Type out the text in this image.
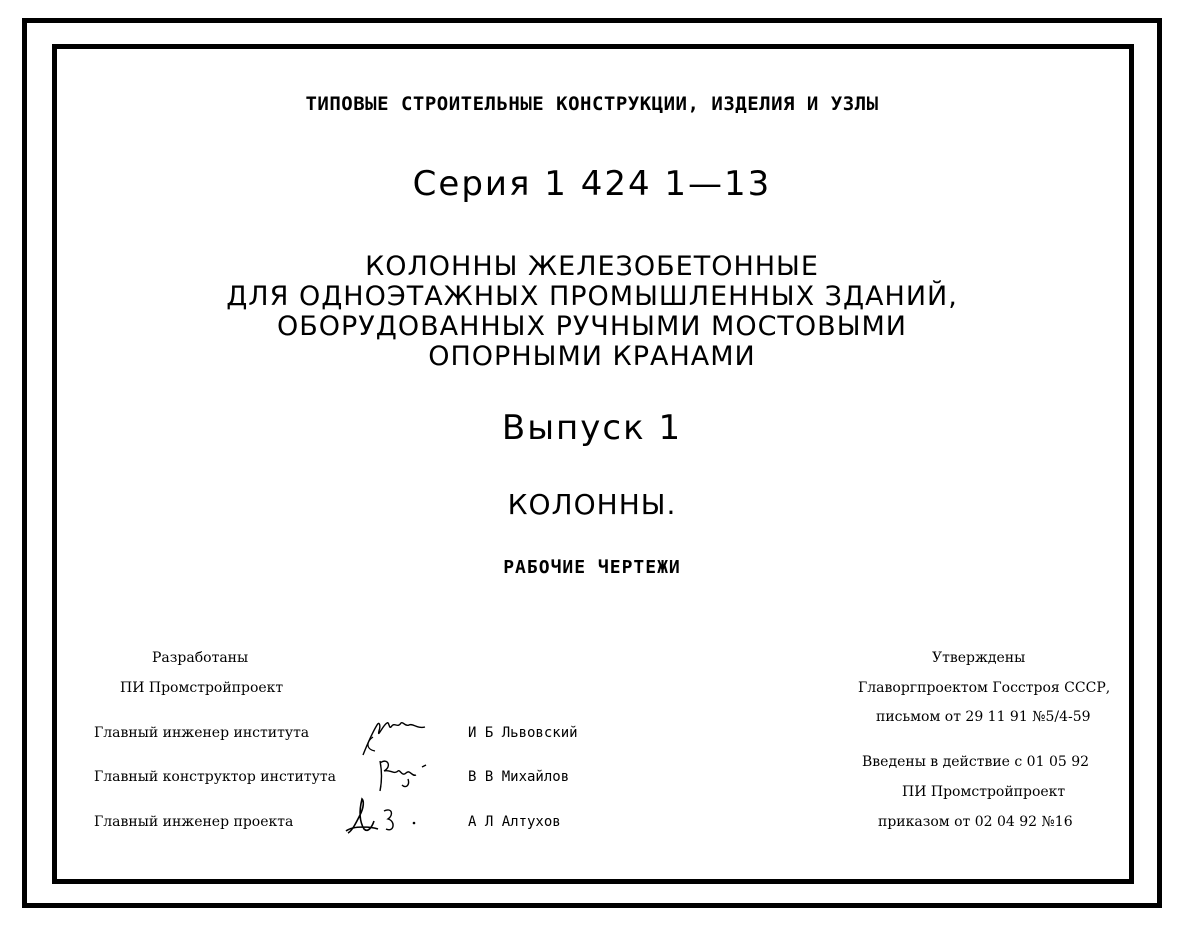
ТИПОВЫЕ СТРОИТЕЛЬНЫЕ КОНСТРУКЦИИ, ИЗДЕЛИЯ И УЗЛЫ
Серия 1 424 1—13
КОЛОННЫ ЖЕЛЕЗОБЕТОННЫЕ
ДЛЯ ОДНОЭТАЖНЫХ ПРОМЫШЛЕННЫХ ЗДАНИЙ,
ОБОРУДОВАННЫХ РУЧНЫМИ МОСТОВЫМИ
ОПОРНЫМИ КРАНАМИ
Выпуск 1
КОЛОННЫ.
РАБОЧИЕ ЧЕРТЕЖИ
Разработаны
ПИ Промстройпроект
Главный инженер института
Главный конструктор института
Главный инженер проекта
И Б Львовский
В В Михайлов
А Л Алтухов
Утверждены
Главоргпроектом Госстроя СССР,
письмом от 29 11 91 №5/4-59
Введены в действие с 01 05 92
ПИ Промстройпроект
приказом от 02 04 92 №16
